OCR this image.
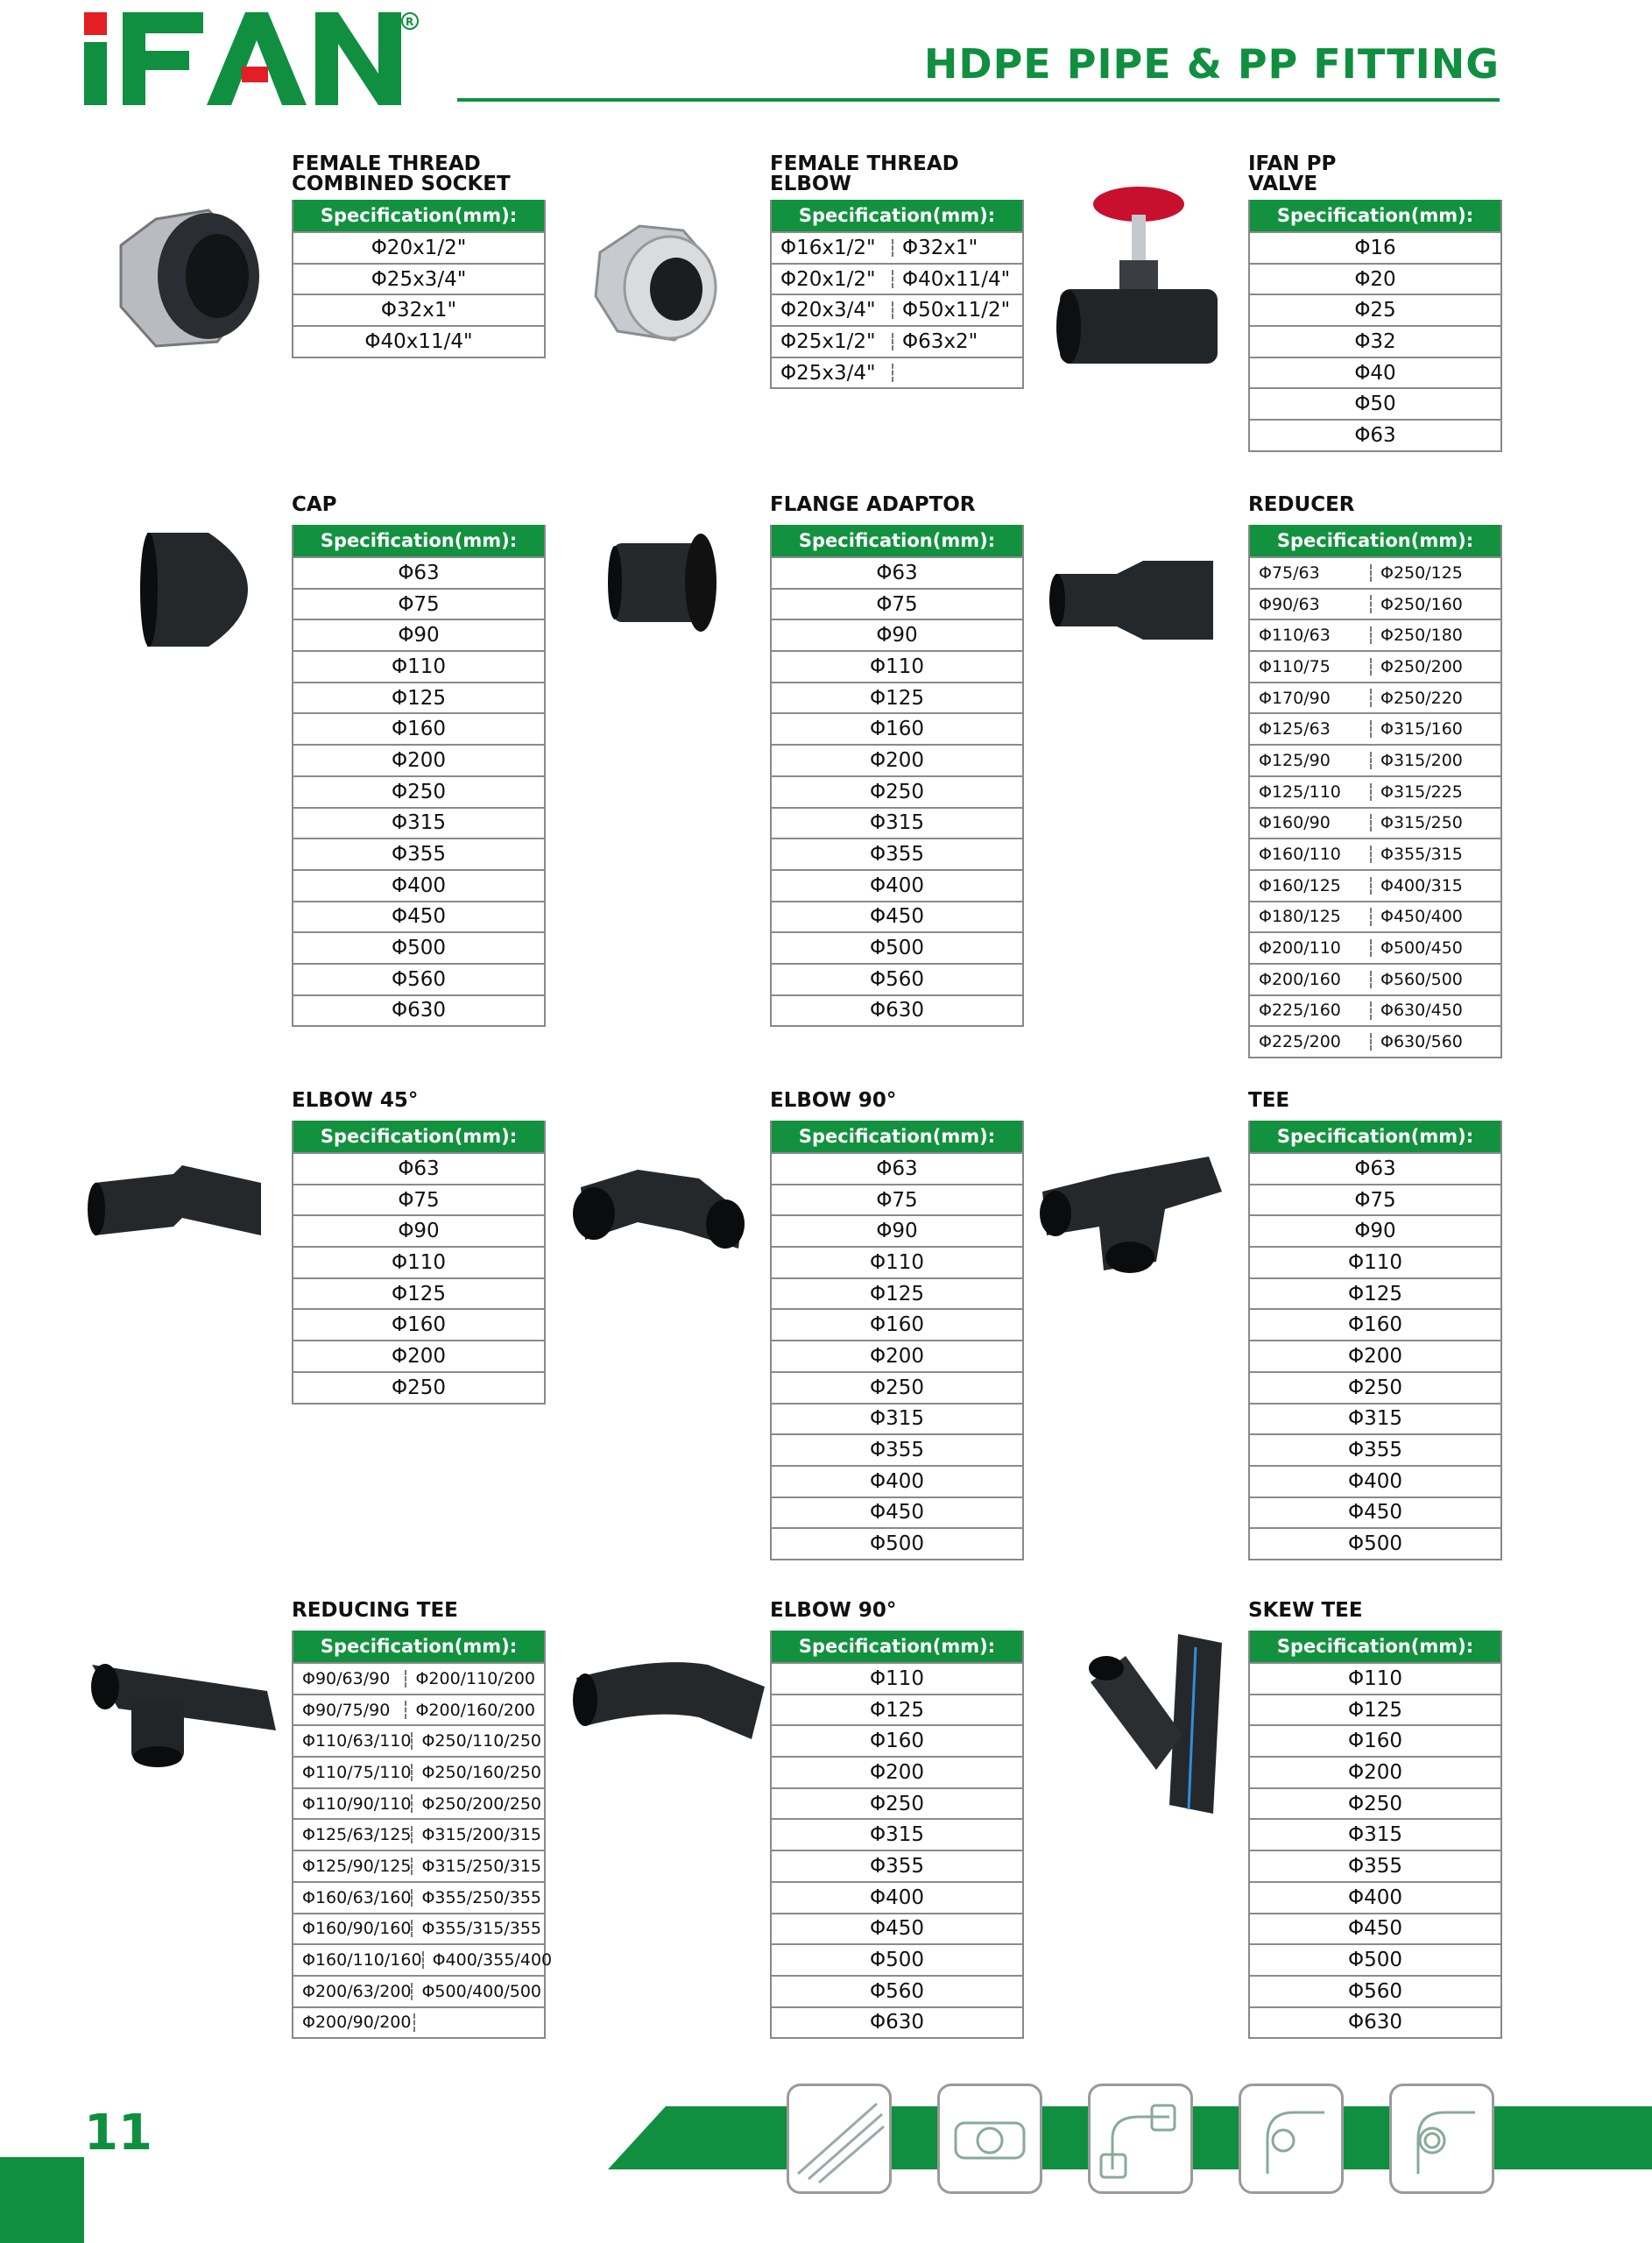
R
HDPE PIPE & PP FITTING
FEMALE THREAD
COMBINED SOCKET
Specification(mm):
Φ20x1/2"
Φ25x3/4"
Φ32x1"
Φ40x11/4"
FEMALE THREAD
ELBOW
Specification(mm):
Φ16x1/2"	Φ32x1"
Φ20x1/2"	Φ40x11/4"
Φ20x3/4"	Φ50x11/2"
Φ25x1/2"	Φ63x2"
Φ25x3/4"
IFAN PP
VALVE
Specification(mm):
Φ16
Φ20
Φ25
Φ32
Φ40
Φ50
Φ63
CAP
Specification(mm):
Φ63
Φ75
Φ90
Φ110
Φ125
Φ160
Φ200
Φ250
Φ315
Φ355
Φ400
Φ450
Φ500
Φ560
Φ630
FLANGE ADAPTOR
Specification(mm):
Φ63
Φ75
Φ90
Φ110
Φ125
Φ160
Φ200
Φ250
Φ315
Φ355
Φ400
Φ450
Φ500
Φ560
Φ630
REDUCER
Specification(mm):
Φ75/63	Φ250/125
Φ90/63	Φ250/160
Φ110/63	Φ250/180
Φ110/75	Φ250/200
Φ170/90	Φ250/220
Φ125/63	Φ315/160
Φ125/90	Φ315/200
Φ125/110	Φ315/225
Φ160/90	Φ315/250
Φ160/110	Φ355/315
Φ160/125	Φ400/315
Φ180/125	Φ450/400
Φ200/110	Φ500/450
Φ200/160	Φ560/500
Φ225/160	Φ630/450
Φ225/200	Φ630/560
ELBOW 45°
Specification(mm):
Φ63
Φ75
Φ90
Φ110
Φ125
Φ160
Φ200
Φ250
ELBOW 90°
Specification(mm):
Φ63
Φ75
Φ90
Φ110
Φ125
Φ160
Φ200
Φ250
Φ315
Φ355
Φ400
Φ450
Φ500
TEE
Specification(mm):
Φ63
Φ75
Φ90
Φ110
Φ125
Φ160
Φ200
Φ250
Φ315
Φ355
Φ400
Φ450
Φ500
REDUCING TEE
Specification(mm):
Φ90/63/90	Φ200/110/200
Φ90/75/90	Φ200/160/200
Φ110/63/110 Φ250/110/250
Φ110/75/110 Φ250/160/250
Φ110/90/110 Φ250/200/250
Φ125/63/125 Φ315/200/315
Φ125/90/125 Φ315/250/315
Φ160/63/160 Φ355/250/355
Φ160/90/160 Φ355/315/355
Φ160/110/160 Φ400/355/400
Φ200/63/200 Φ500/400/500
Φ200/90/200
ELBOW 90°
Specification(mm):
Φ110
Φ125
Φ160
Φ200
Φ250
Φ315
Φ355
Φ400
Φ450
Φ500
Φ560
Φ630
SKEW TEE
Specification(mm):
Φ110
Φ125
Φ160
Φ200
Φ250
Φ315
Φ355
Φ400
Φ450
Φ500
Φ560
Φ630
11
